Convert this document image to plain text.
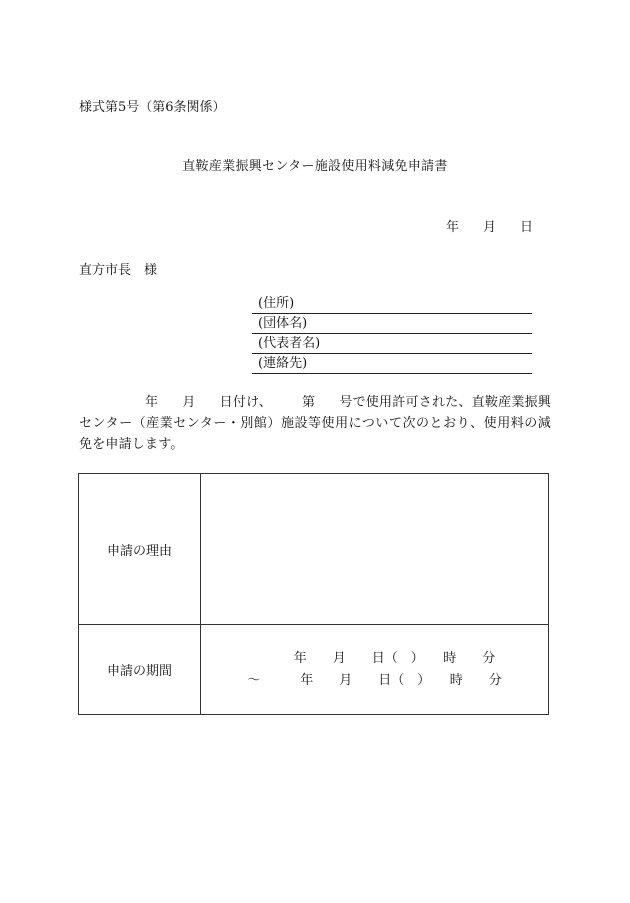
様式第5号（第6条関係）
直鞍産業振興センター施設使用料減免申請書
年 月 日
直方市長　様
(住所)
(団体名)
(代表者名)
(連絡先)
年 月 日付け、 第 号で使用許可された、直鞍産業振興センター（産業センター・別館）施設等使用について次のとおり、使用料の減免を申請します。
申請の理由	
申請の期間	年　　月　　日（　）　　時　　分
～ 年　　月　　日（　）　　時　　分
